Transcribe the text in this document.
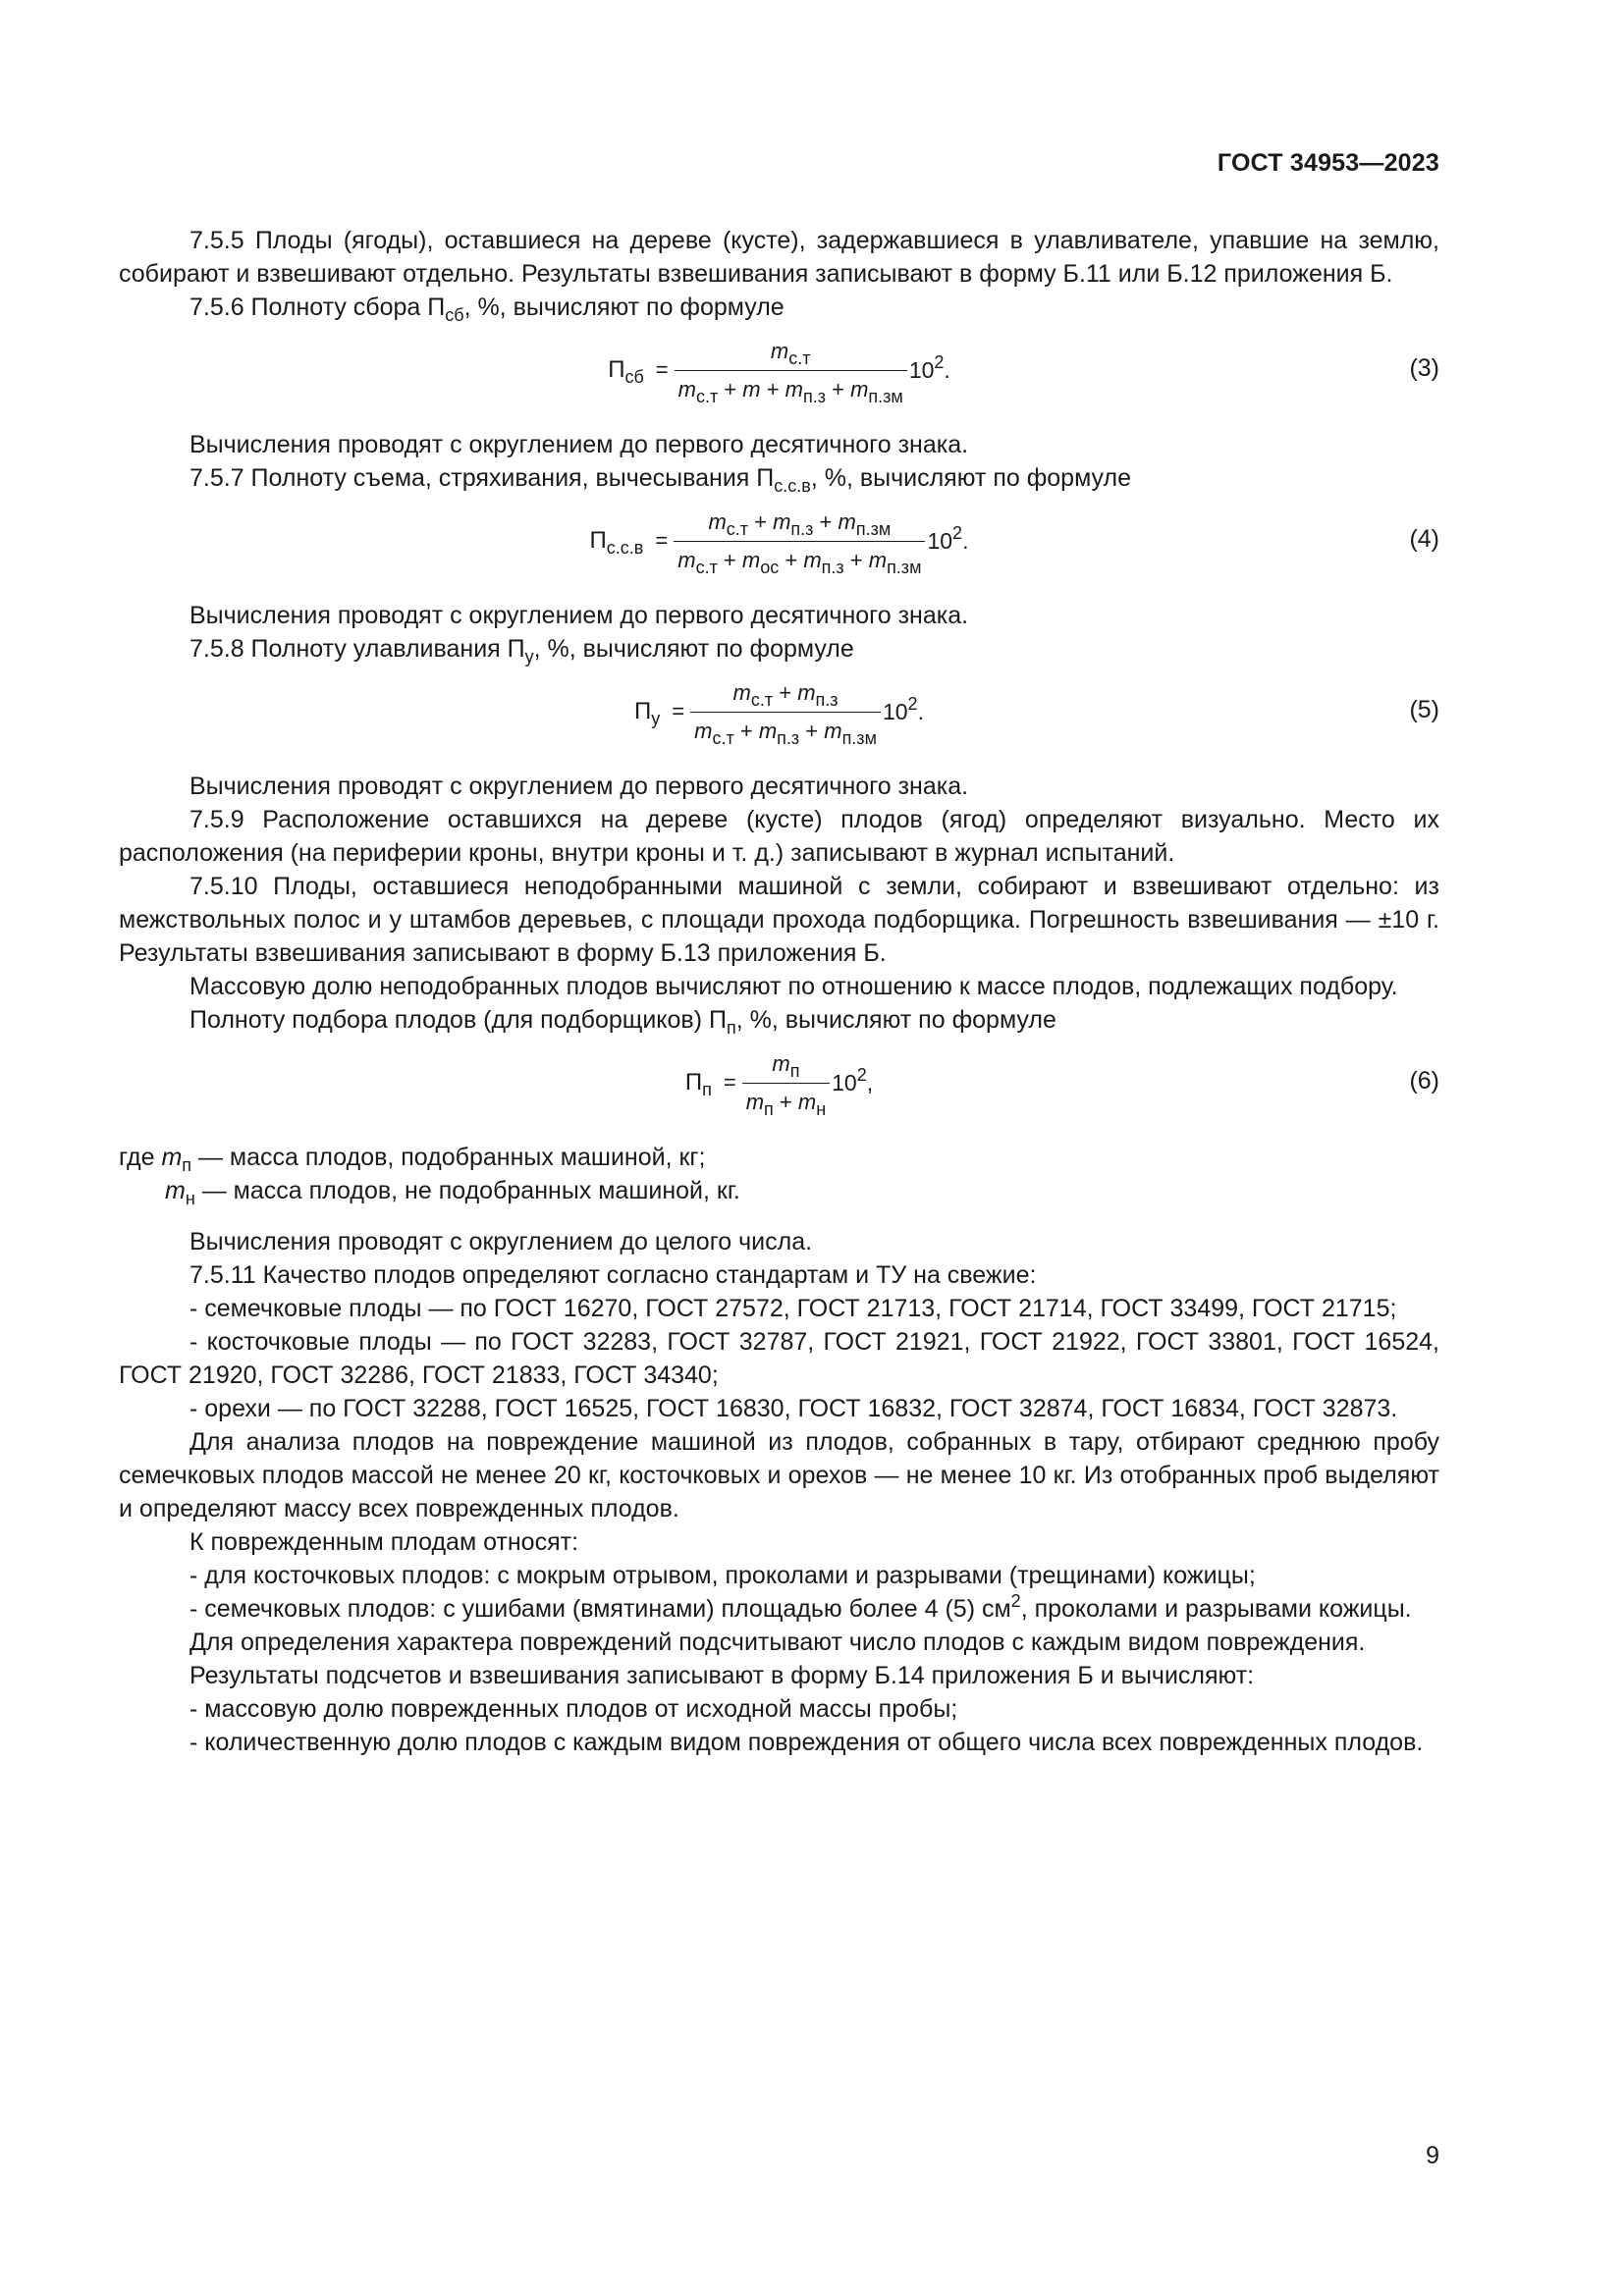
ГОСТ 34953—2023

7.5.5 Плоды (ягоды), оставшиеся на дереве (кусте), задержавшиеся в улавливателе, упавшие на землю, собирают и взвешивают отдельно. Результаты взвешивания записывают в форму Б.11 или Б.12 приложения Б.

7.5.6 Полноту сбора $П_{сб}$, %, вычисляют по формуле

$П_{сб} = \frac{m_{с.т}}{m_{с.т} + m + m_{п.з} + m_{п.зм}} 10^2$.	(3)

Вычисления проводят с округлением до первого десятичного знака.

7.5.7 Полноту съема, стряхивания, вычесывания $П_{с.с.в}$, %, вычисляют по формуле

$П_{с.с.в} = \frac{m_{с.т} + m_{п.з} + m_{п.зм}}{m_{с.т} + m_{ос} + m_{п.з} + m_{п.зм}} 10^2$.	(4)

Вычисления проводят с округлением до первого десятичного знака.

7.5.8 Полноту улавливания $П_у$, %, вычисляют по формуле

$П_у = \frac{m_{с.т} + m_{п.з}}{m_{с.т} + m_{п.з} + m_{п.зм}} 10^2$.	(5)

Вычисления проводят с округлением до первого десятичного знака.

7.5.9 Расположение оставшихся на дереве (кусте) плодов (ягод) определяют визуально. Место их расположения (на периферии кроны, внутри кроны и т. д.) записывают в журнал испытаний.

7.5.10 Плоды, оставшиеся неподобранными машиной с земли, собирают и взвешивают отдельно: из межствольных полос и у штамбов деревьев, с площади прохода подборщика. Погрешность взвешивания — ±10 г. Результаты взвешивания записывают в форму Б.13 приложения Б.

Массовую долю неподобранных плодов вычисляют по отношению к массе плодов, подлежащих подбору.

Полноту подбора плодов (для подборщиков) $П_п$, %, вычисляют по формуле

$П_п = \frac{m_п}{m_п + m_н} 10^2$,	(6)

где $m_п$ — масса плодов, подобранных машиной, кг;

$m_н$ — масса плодов, не подобранных машиной, кг.

Вычисления проводят с округлением до целого числа.

7.5.11 Качество плодов определяют согласно стандартам и ТУ на свежие:

- семечковые плоды — по ГОСТ 16270, ГОСТ 27572, ГОСТ 21713, ГОСТ 21714, ГОСТ 33499, ГОСТ 21715;

- косточковые плоды — по ГОСТ 32283, ГОСТ 32787, ГОСТ 21921, ГОСТ 21922, ГОСТ 33801, ГОСТ 16524, ГОСТ 21920, ГОСТ 32286, ГОСТ 21833, ГОСТ 34340;

- орехи — по ГОСТ 32288, ГОСТ 16525, ГОСТ 16830, ГОСТ 16832, ГОСТ 32874, ГОСТ 16834, ГОСТ 32873.

Для анализа плодов на повреждение машиной из плодов, собранных в тару, отбирают среднюю пробу семечковых плодов массой не менее 20 кг, косточковых и орехов — не менее 10 кг. Из отобранных проб выделяют и определяют массу всех поврежденных плодов.

К поврежденным плодам относят:

- для косточковых плодов: с мокрым отрывом, проколами и разрывами (трещинами) кожицы;

- семечковых плодов: с ушибами (вмятинами) площадью более 4 (5) $см^2$, проколами и разрывами кожицы.

Для определения характера повреждений подсчитывают число плодов с каждым видом повреждения.

Результаты подсчетов и взвешивания записывают в форму Б.14 приложения Б и вычисляют:

- массовую долю поврежденных плодов от исходной массы пробы;

- количественную долю плодов с каждым видом повреждения от общего числа всех поврежденных плодов.

9
